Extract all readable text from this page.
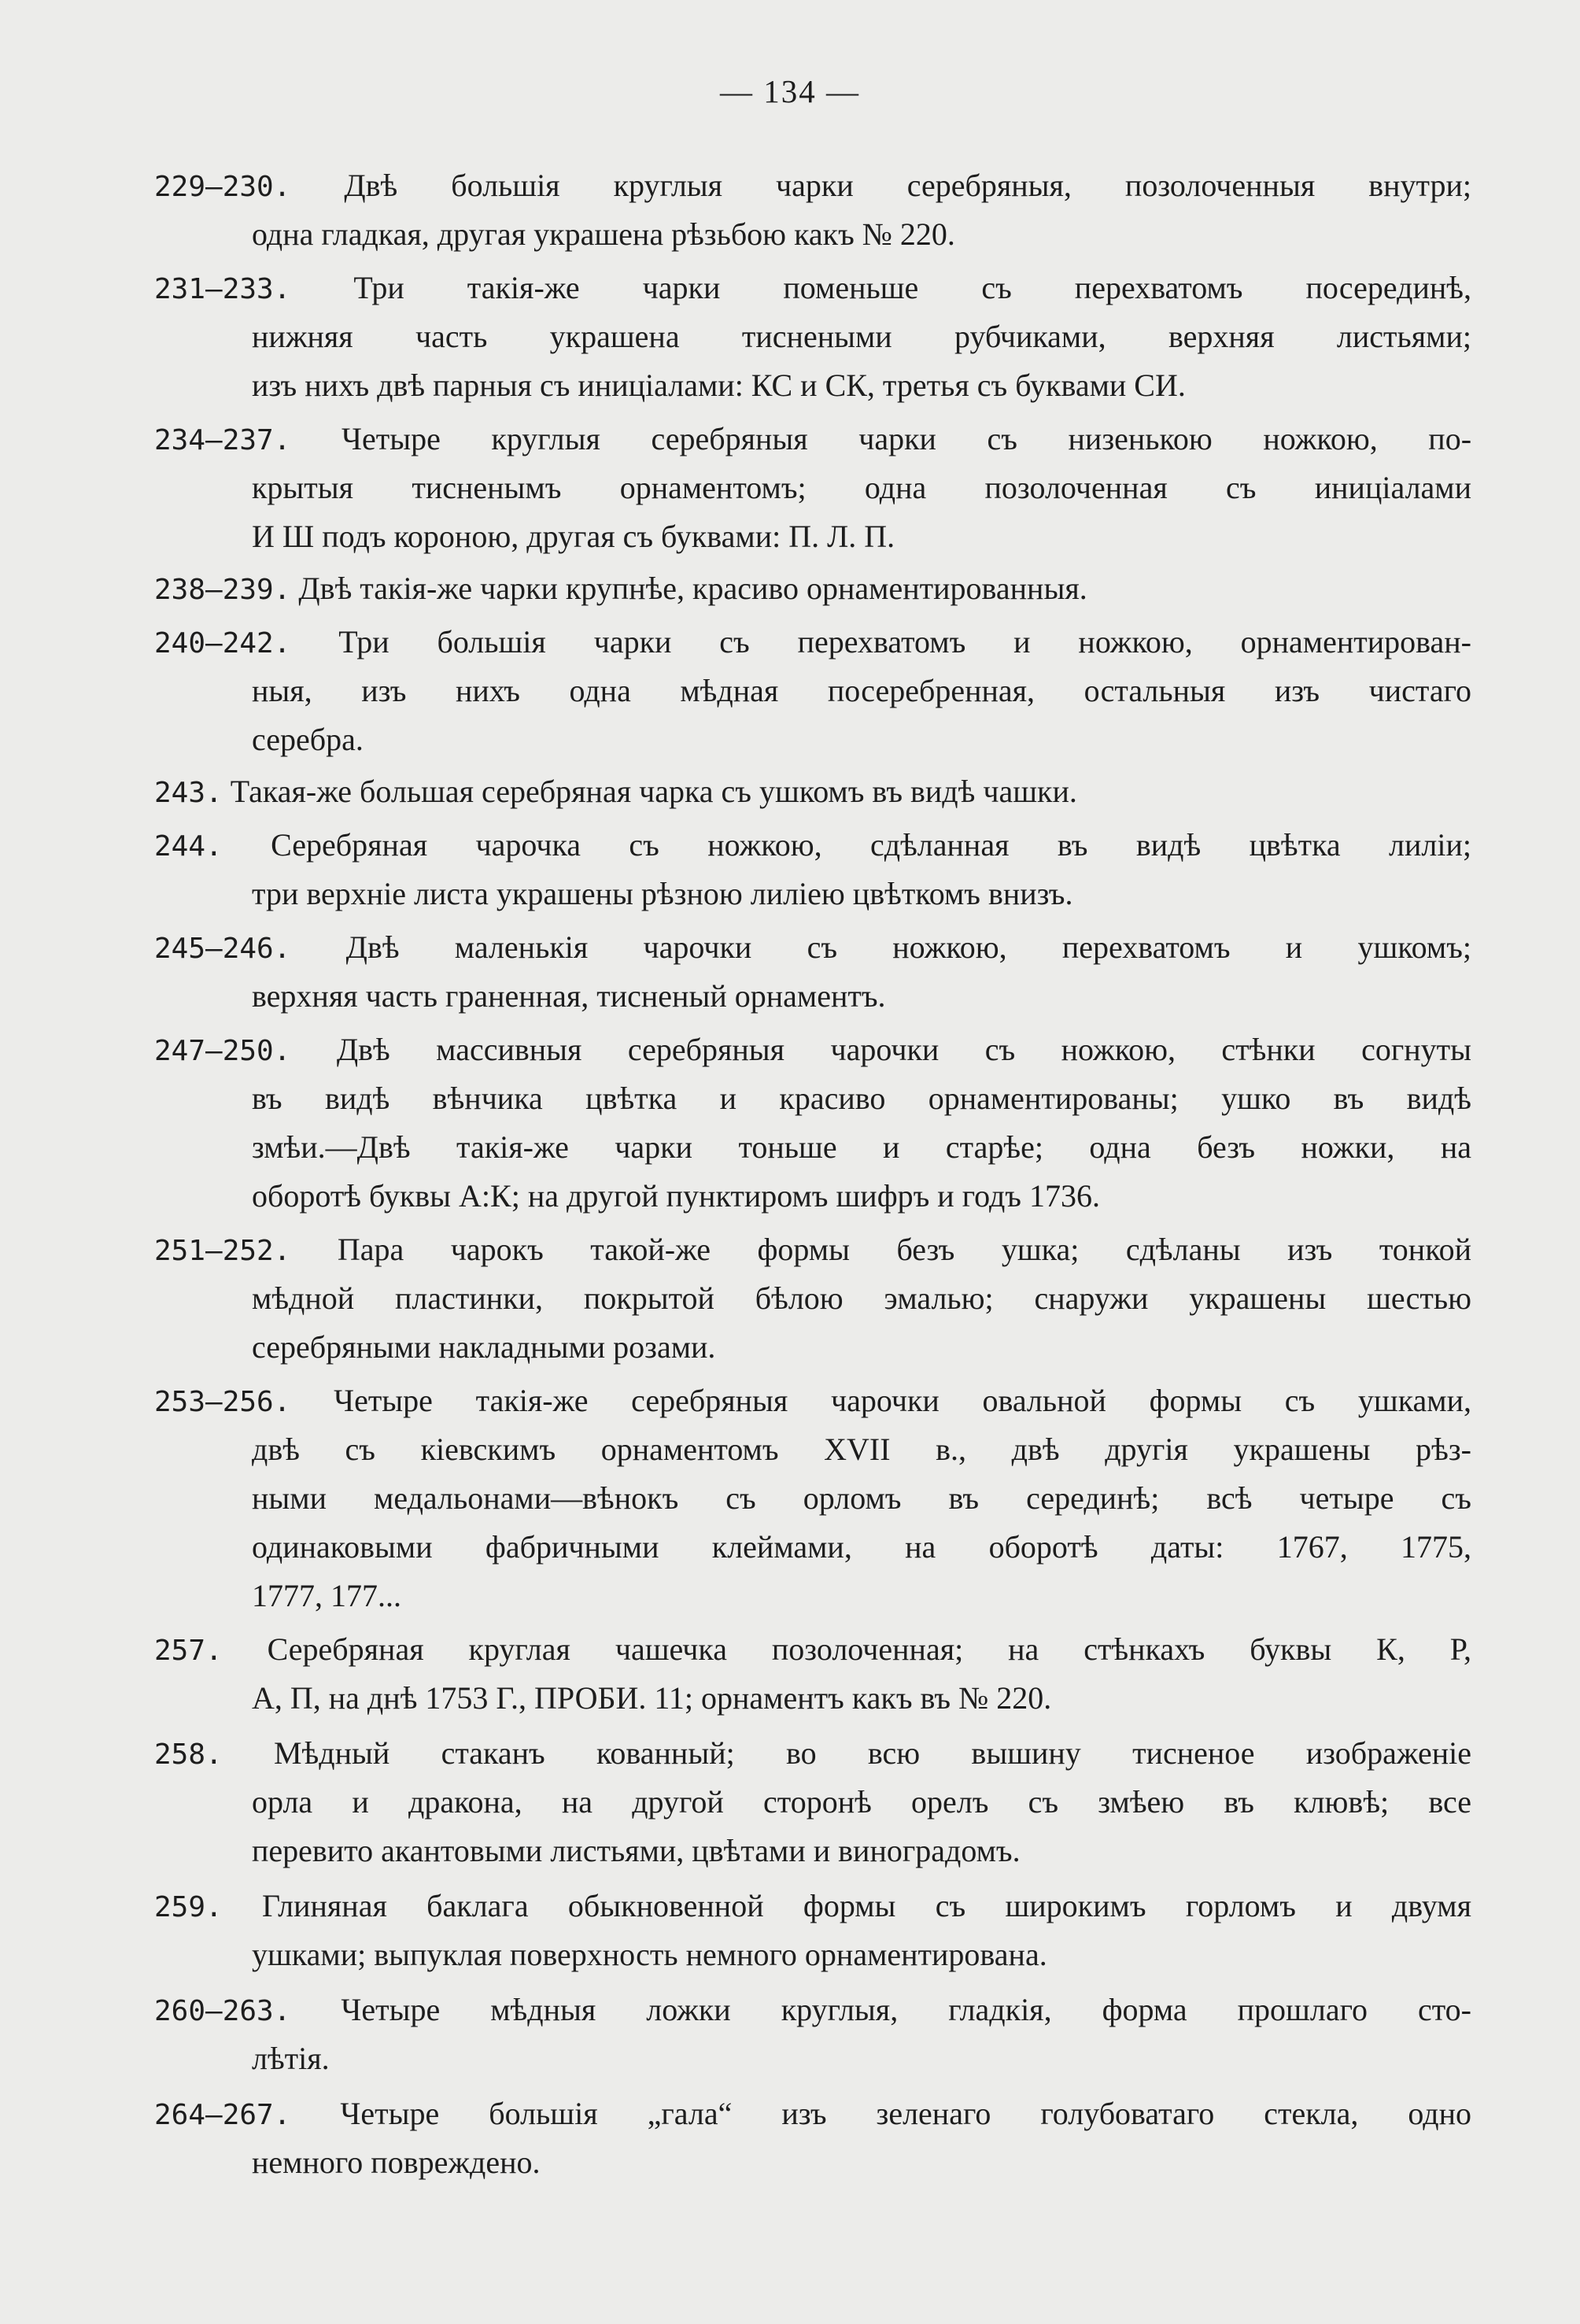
— 134 —
229—230. Двѣ большія круглыя чарки серебряныя, позолоченныя внутри;
одна гладкая, другая украшена рѣзьбою какъ № 220.
231—233. Три такія-же чарки поменьше съ перехватомъ посерединѣ,
нижняя часть украшена тиснеными рубчиками, верхняя листьями;
изъ нихъ двѣ парныя съ иниціалами: КС и СК, третья съ буквами СИ.
234—237. Четыре круглыя серебряныя чарки съ низенькою ножкою, по-
крытыя тисненымъ орнаментомъ; одна позолоченная съ иниціалами
И Ш подъ короною, другая съ буквами: П. Л. П.
238—239. Двѣ такія-же чарки крупнѣе, красиво орнаментированныя.
240—242. Три большія чарки съ перехватомъ и ножкою, орнаментирован-
ныя, изъ нихъ одна мѣдная посеребренная, остальныя изъ чистаго
серебра.
243. Такая-же большая серебряная чарка съ ушкомъ въ видѣ чашки.
244. Серебряная чарочка съ ножкою, сдѣланная въ видѣ цвѣтка лиліи;
три верхніе листа украшены рѣзною лиліею цвѣткомъ внизъ.
245—246. Двѣ маленькія чарочки съ ножкою, перехватомъ и ушкомъ;
верхняя часть граненная, тисненый орнаментъ.
247—250. Двѣ массивныя серебряныя чарочки съ ножкою, стѣнки согнуты
въ видѣ вѣнчика цвѣтка и красиво орнаментированы; ушко въ видѣ
змѣи.—Двѣ такія-же чарки тоньше и старѣе; одна безъ ножки, на
оборотѣ буквы А:К; на другой пунктиромъ шифръ и годъ 1736.
251—252. Пара чарокъ такой-же формы безъ ушка; сдѣланы изъ тонкой
мѣдной пластинки, покрытой бѣлою эмалью; снаружи украшены шестью
серебряными накладными розами.
253—256. Четыре такія-же серебряныя чарочки овальной формы съ ушками,
двѣ съ кіевскимъ орнаментомъ XVII в., двѣ другія украшены рѣз-
ными медальонами—вѣнокъ съ орломъ въ серединѣ; всѣ четыре съ
одинаковыми фабричными клеймами, на оборотѣ даты: 1767, 1775,
1777, 177...
257. Серебряная круглая чашечка позолоченная; на стѣнкахъ буквы К, Р,
А, П, на днѣ 1753 Г., ПРОБИ. 11; орнаментъ какъ въ № 220.
258. Мѣдный стаканъ кованный; во всю вышину тисненое изображеніе
орла и дракона, на другой сторонѣ орелъ съ змѣею въ клювѣ; все
перевито акантовыми листьями, цвѣтами и виноградомъ.
259. Глиняная баклага обыкновенной формы съ широкимъ горломъ и двумя
ушками; выпуклая поверхность немного орнаментирована.
260—263. Четыре мѣдныя ложки круглыя, гладкія, форма прошлаго сто-
лѣтія.
264—267. Четыре большія „гала“ изъ зеленаго голубоватаго стекла, одно
немного повреждено.
